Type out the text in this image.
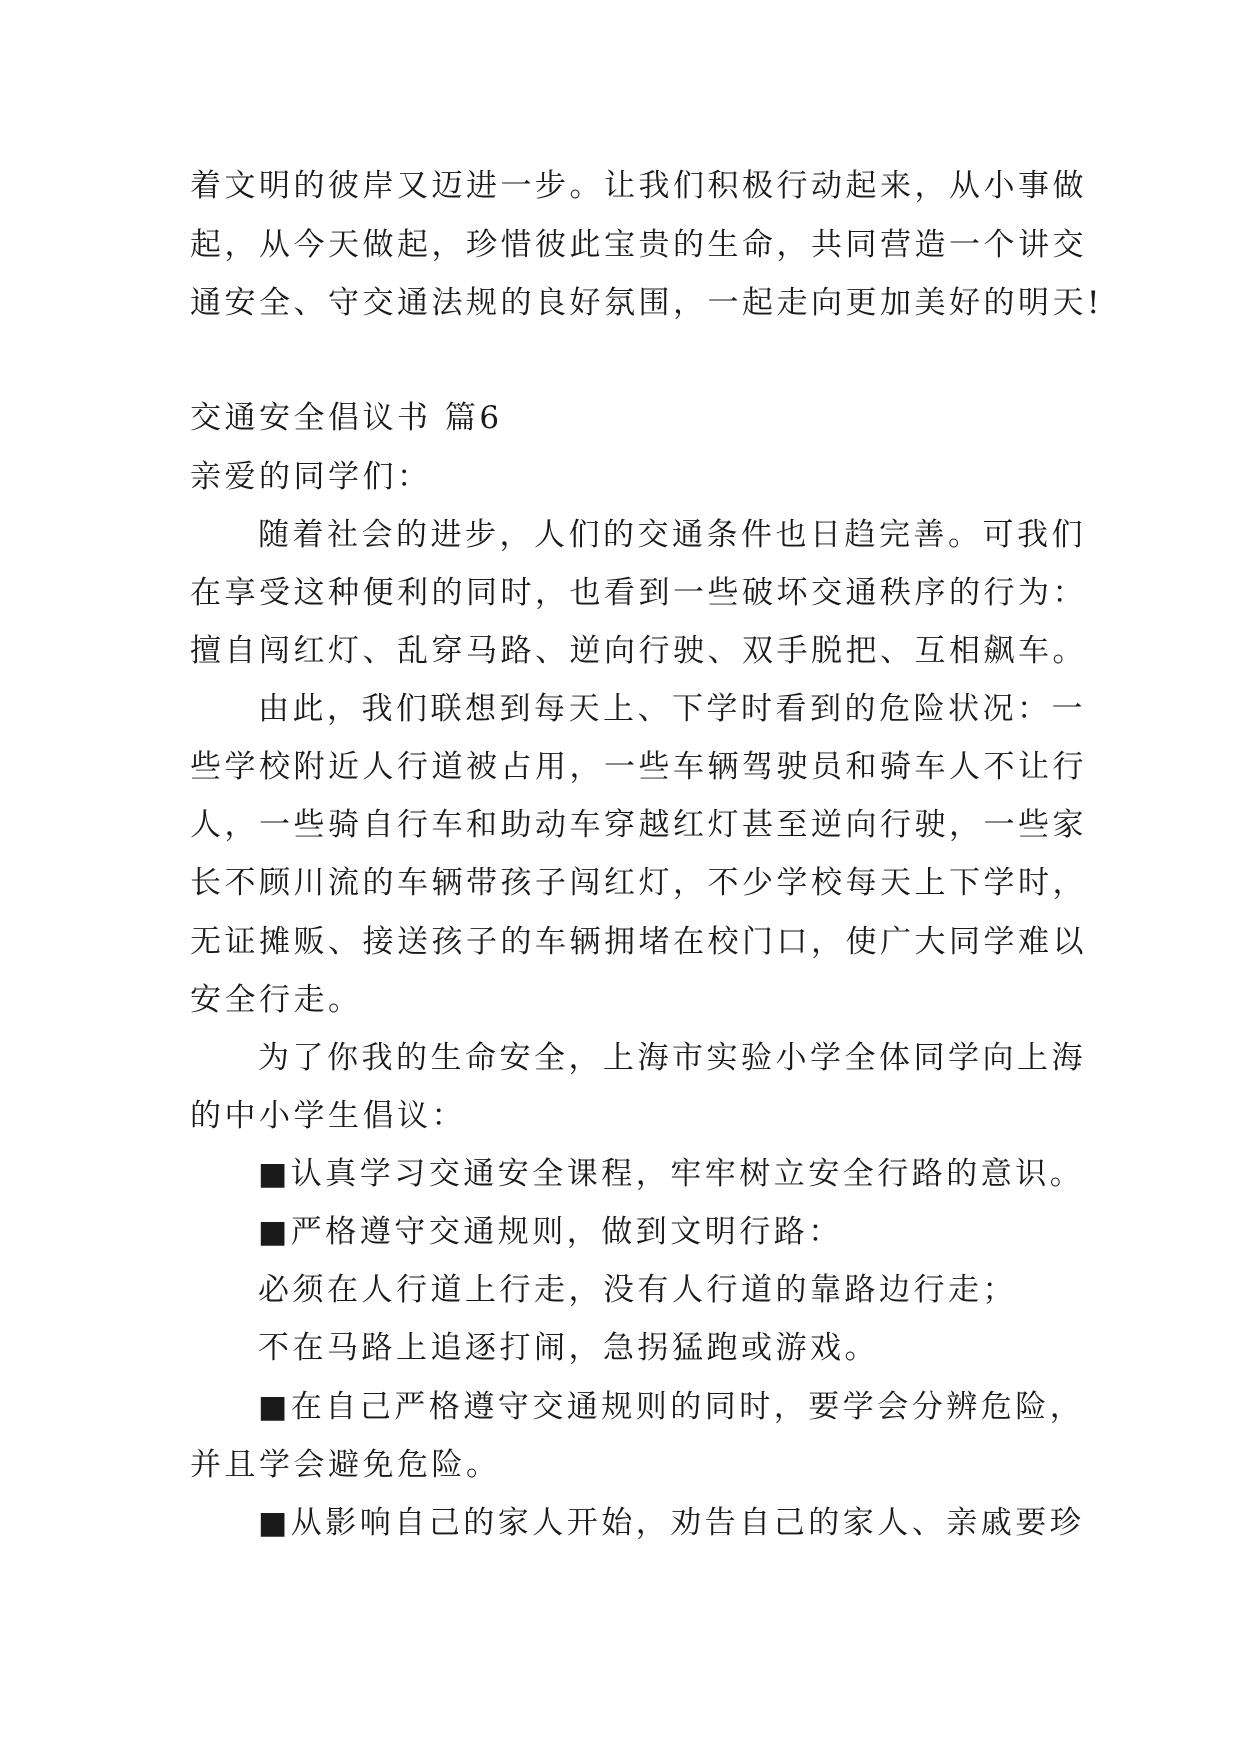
着文明的彼岸又迈进一步。让我们积极行动起来，从小事做
起，从今天做起，珍惜彼此宝贵的生命，共同营造一个讲交
通安全、守交通法规的良好氛围，一起走向更加美好的明天!
交通安全倡议书 篇6
亲爱的同学们：
随着社会的进步，人们的交通条件也日趋完善。可我们
在享受这种便利的同时，也看到一些破坏交通秩序的行为：
擅自闯红灯、乱穿马路、逆向行驶、双手脱把、互相飙车。
由此，我们联想到每天上、下学时看到的危险状况：一
些学校附近人行道被占用，一些车辆驾驶员和骑车人不让行
人，一些骑自行车和助动车穿越红灯甚至逆向行驶，一些家
长不顾川流的车辆带孩子闯红灯，不少学校每天上下学时，
无证摊贩、接送孩子的车辆拥堵在校门口，使广大同学难以
安全行走。
为了你我的生命安全，上海市实验小学全体同学向上海
的中小学生倡议：
■认真学习交通安全课程，牢牢树立安全行路的意识。
■严格遵守交通规则，做到文明行路：
必须在人行道上行走，没有人行道的靠路边行走；
不在马路上追逐打闹，急拐猛跑或游戏。
■在自己严格遵守交通规则的同时，要学会分辨危险，
并且学会避免危险。
■从影响自己的家人开始，劝告自己的家人、亲戚要珍
